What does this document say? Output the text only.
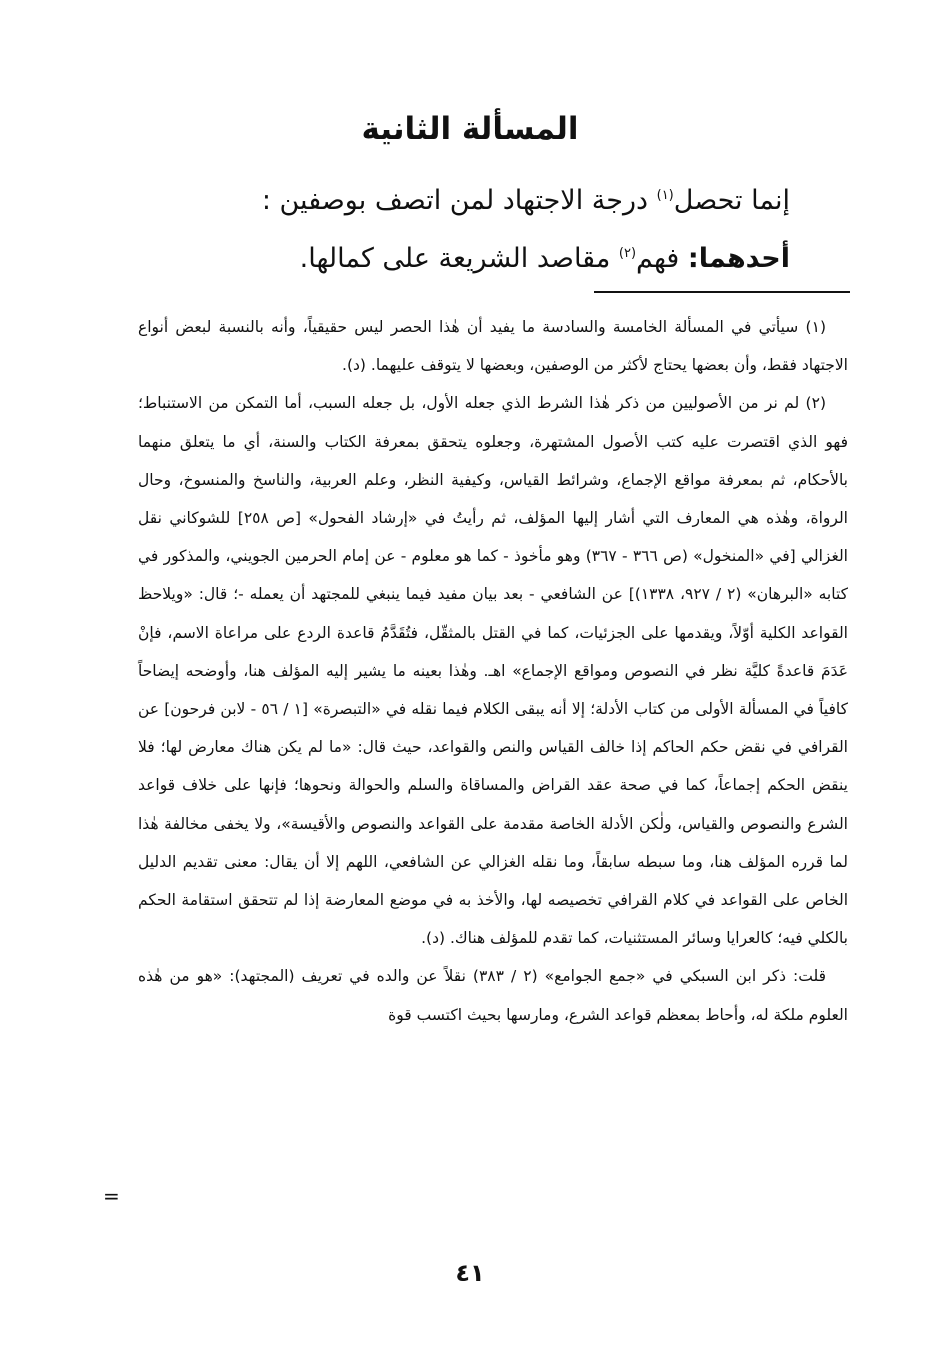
المسألة الثانية

إنما تحصل$^{(١)}$ درجة الاجتهاد لمن اتصف بوصفين :

أحدهما: فهم$^{(٢)}$ مقاصد الشريعة على كمالها.

(١) سيأتي في المسألة الخامسة والسادسة ما يفيد أن هٰذا الحصر ليس حقيقياً، وأنه بالنسبة لبعض أنواع الاجتهاد فقط، وأن بعضها يحتاج لأكثر من الوصفين، وبعضها لا يتوقف عليهما. (د).

(٢) لم نر من الأصوليين من ذكر هٰذا الشرط الذي جعله الأول، بل جعله السبب، أما التمكن من الاستنباط؛ فهو الذي اقتصرت عليه كتب الأصول المشتهرة، وجعلوه يتحقق بمعرفة الكتاب والسنة، أي ما يتعلق منهما بالأحكام، ثم بمعرفة مواقع الإجماع، وشرائط القياس، وكيفية النظر، وعلم العربية، والناسخ والمنسوخ، وحال الرواة، وهٰذه هي المعارف التي أشار إليها المؤلف، ثم رأيتُ في «إرشاد الفحول» [ص ٢٥٨] للشوكاني نقل الغزالي [في «المنخول» (ص ٣٦٦ - ٣٦٧) وهو مأخوذ - كما هو معلوم - عن إمام الحرمين الجويني، والمذكور في كتابه «البرهان» (٢ / ٩٢٧، ١٣٣٨)] عن الشافعي - بعد بيان مفيد فيما ينبغي للمجتهد أن يعمله -؛ قال: «ويلاحظ القواعد الكلية أوّلاً، ويقدمها على الجزئيات، كما في القتل بالمثقّل، فتُقَدَّمُ قاعدة الردع على مراعاة الاسم، فإنْ عَدَمَ قاعدةً كليَّة نظر في النصوص ومواقع الإجماع» اهـ. وهٰذا بعينه ما يشير إليه المؤلف هنا، وأوضحه إيضاحاً كافياً في المسألة الأولى من كتاب الأدلة؛ إلا أنه يبقى الكلام فيما نقله في «التبصرة» [١ / ٥٦ - لابن فرحون] عن القرافي في نقض حكم الحاكم إذا خالف القياس والنص والقواعد، حيث قال: «ما لم يكن هناك معارض لها؛ فلا ينقض الحكم إجماعاً، كما في صحة عقد القراض والمساقاة والسلم والحوالة ونحوها؛ فإنها على خلاف قواعد الشرع والنصوص والقياس، ولٰكن الأدلة الخاصة مقدمة على القواعد والنصوص والأقيسة»، ولا يخفى مخالفة هٰذا لما قرره المؤلف هنا، وما سبطه سابقاً، وما نقله الغزالي عن الشافعي، اللهم إلا أن يقال: معنى تقديم الدليل الخاص على القواعد في كلام القرافي تخصيصه لها، والأخذ به في موضع المعارضة إذا لم تتحقق استقامة الحكم بالكلي فيه؛ كالعرايا وسائر المستثنيات، كما تقدم للمؤلف هناك. (د).

قلت: ذكر ابن السبكي في «جمع الجوامع» (٢ / ٣٨٣) نقلاً عن والده في تعريف (المجتهد): «هو من هٰذه العلوم ملكة له، وأحاط بمعظم قواعد الشرع، ومارسها بحيث اكتسب قوة

=
٤١
